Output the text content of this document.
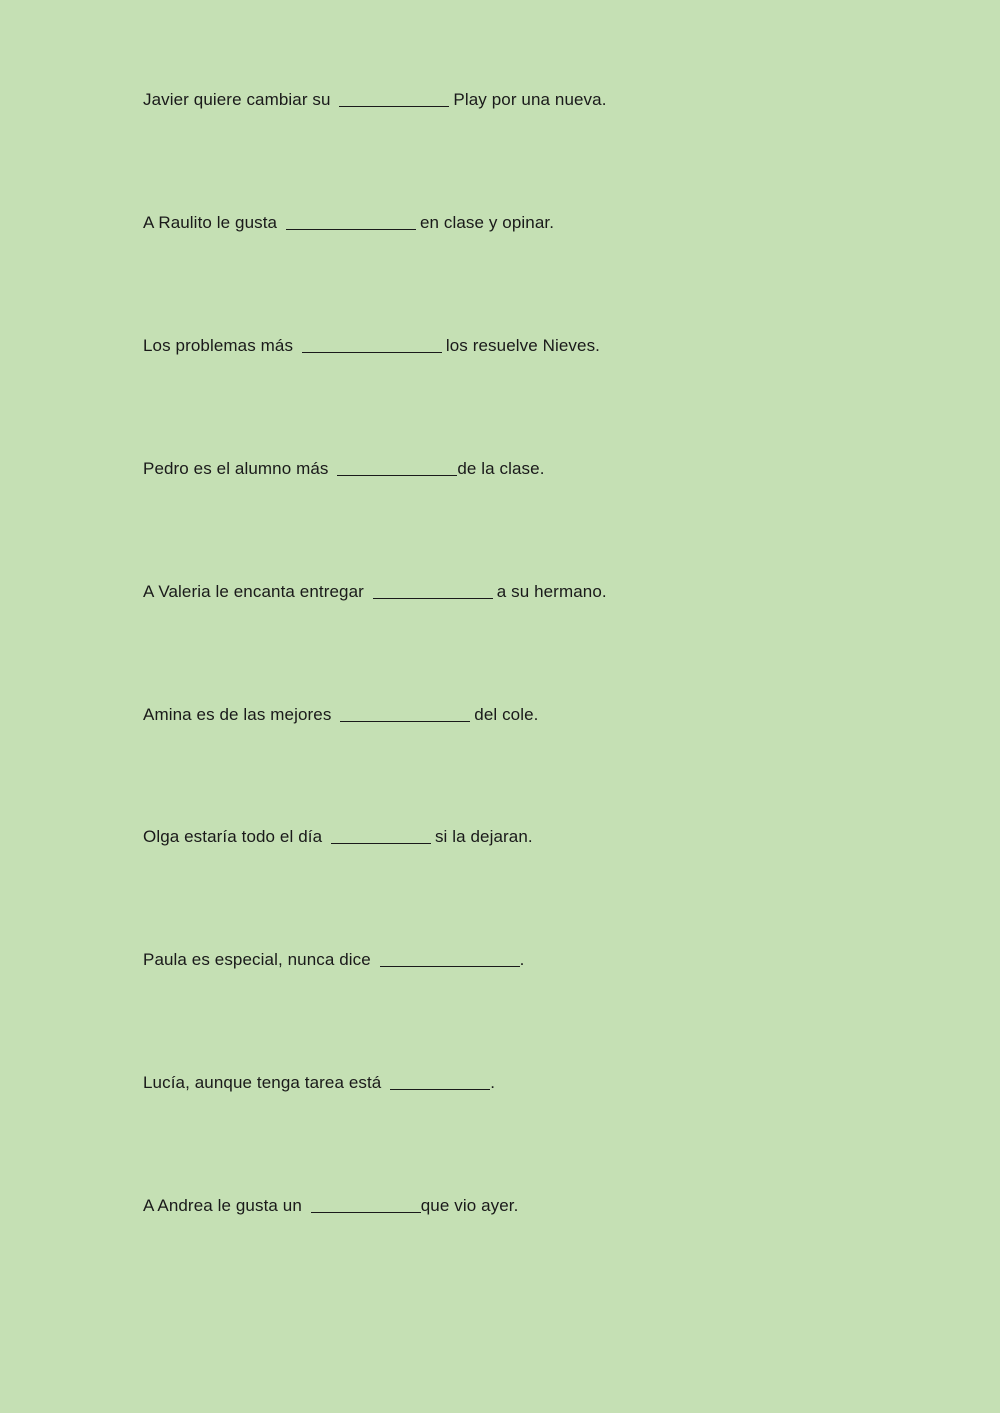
Javier quiere cambiar su	Play por una nueva.

A Raulito le gusta	en clase y opinar.

Los problemas más	los resuelve Nieves.

Pedro es el alumno más	de la clase.

A Valeria le encanta entregar	a su hermano.

Amina es de las mejores	del cole.

Olga estaría todo el día	si la dejaran.

Paula es especial, nunca dice	.

Lucía, aunque tenga tarea está	.

A Andrea le gusta un	que vio ayer.
